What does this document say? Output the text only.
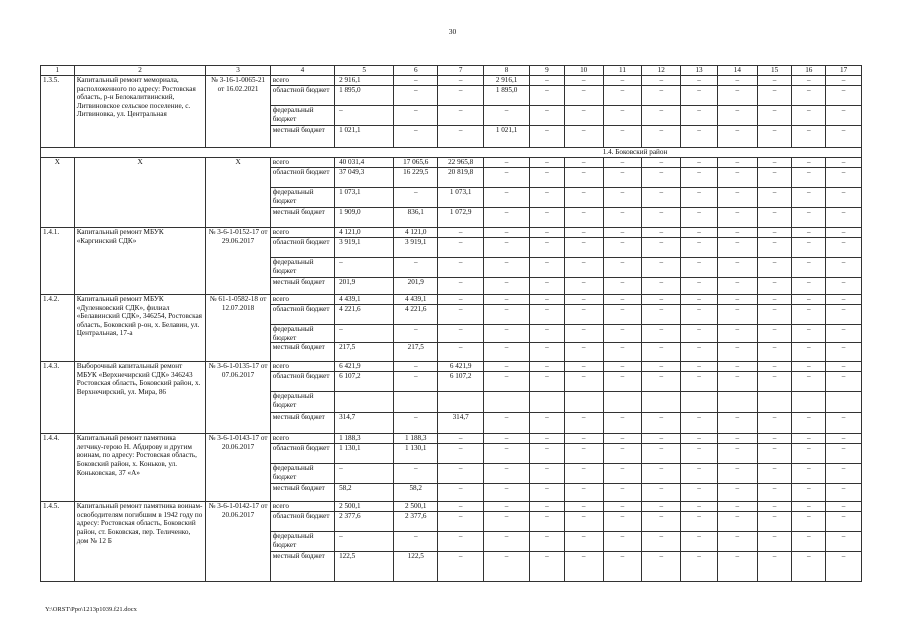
30
1	2	3	4	5	6	7	8	9	10	11	12	13	14	15	16	17
1.3.5.	Капитальный ремонт мемориала, расположенного по адресу: Ростовская область, р-н Белокалитвинский, Литвиновское сельское поселение, с. Литвиновка, ул. Центральная	№ 3-16-1-0065-21 от 16.02.2021	всего	2 916,1	–	–	2 916,1	–	–	–	–	–	–	–	–	–
			областной бюджет	1 895,0	–	–	1 895,0	–	–	–	–	–	–	–	–	–
			федеральный бюджет	–	–	–	–	–	–	–	–	–	–	–	–	–
			местный бюджет	1 021,1	–	–	1 021,1	–	–	–	–	–	–	–	–	–
1.4. Боковский район																
Х	Х	Х	всего	40 031,4	17 065,6	22 965,8	–	–	–	–	–	–	–	–	–	–
			областной бюджет	37 049,3	16 229,5	20 819,8	–	–	–	–	–	–	–	–	–	–
			федеральный бюджет	1 073,1	–	1 073,1	–	–	–	–	–	–	–	–	–	–
			местный бюджет	1 909,0	836,1	1 072,9	–	–	–	–	–	–	–	–	–	–
1.4.1.	Капитальный ремонт МБУК «Каргинский СДК»	№ 3-6-1-0152-17 от 29.06.2017	всего	4 121,0	4 121,0	–	–	–	–	–	–	–	–	–	–	–
			областной бюджет	3 919,1	3 919,1	–	–	–	–	–	–	–	–	–	–	–
			федеральный бюджет	–	–	–	–	–	–	–	–	–	–	–	–	–
			местный бюджет	201,9	201,9	–	–	–	–	–	–	–	–	–	–	–
1.4.2.	Капитальный ремонт МБУК «Дуленковский СДК», филиал «Белавинский СДК», 346254, Ростовская область, Боковский р-он, х. Белавин, ул. Центральная, 17-а	№ 61-1-0582-18 от 12.07.2018	всего	4 439,1	4 439,1	–	–	–	–	–	–	–	–	–	–	–
			областной бюджет	4 221,6	4 221,6	–	–	–	–	–	–	–	–	–	–	–
			федеральный бюджет	–	–	–	–	–	–	–	–	–	–	–	–	–
			местный бюджет	217,5	217,5	–	–	–	–	–	–	–	–	–	–	–
1.4.3.	Выборочный капитальный ремонт МБУК «Верхнечирский СДК» 346243 Ростовская область, Боковский район, х. Верхнечирский, ул. Мира, 86	№ 3-6-1-0135-17 от 07.06.2017	всего	6 421,9	–	6 421,9	–	–	–	–	–	–	–	–	–	–
			областной бюджет	6 107,2	–	6 107,2	–	–	–	–	–	–	–	–	–	–
			федеральный бюджет													
			местный бюджет	314,7	–	314,7	–	–	–	–	–	–	–	–	–	–
1.4.4.	Капитальный ремонт памятника летчику-герою Н. Абдирову и другим воинам, по адресу: Ростовская область, Боковский район, х. Коньков, ул. Коньковская, 37 «А»	№ 3-6-1-0143-17 от 20.06.2017	всего	1 188,3	1 188,3	–	–	–	–	–	–	–	–	–	–	–
			областной бюджет	1 130,1	1 130,1	–	–	–	–	–	–	–	–	–	–	–
			федеральный бюджет	–	–	–	–	–	–	–	–	–	–	–	–	–
			местный бюджет	58,2	58,2	–	–	–	–	–	–	–	–	–	–	–
1.4.5.	Капитальный ремонт памятника воинам-освободителям погибшим в 1942 году по адресу: Ростовская область, Боковский район, ст. Боковская, пер. Теличенко, дом № 12 Б	№ 3-6-1-0142-17 от 20.06.2017	всего	2 500,1	2 500,1	–	–	–	–	–	–	–	–	–	–	–
			областной бюджет	2 377,6	2 377,6	–	–	–	–	–	–	–	–	–	–	–
			федеральный бюджет	–	–	–	–	–	–	–	–	–	–	–	–	–
			местный бюджет	122,5	122,5	–	–	–	–	–	–	–	–	–	–	–
Y:\ORST\Ppo\1213p1039.f21.docx
